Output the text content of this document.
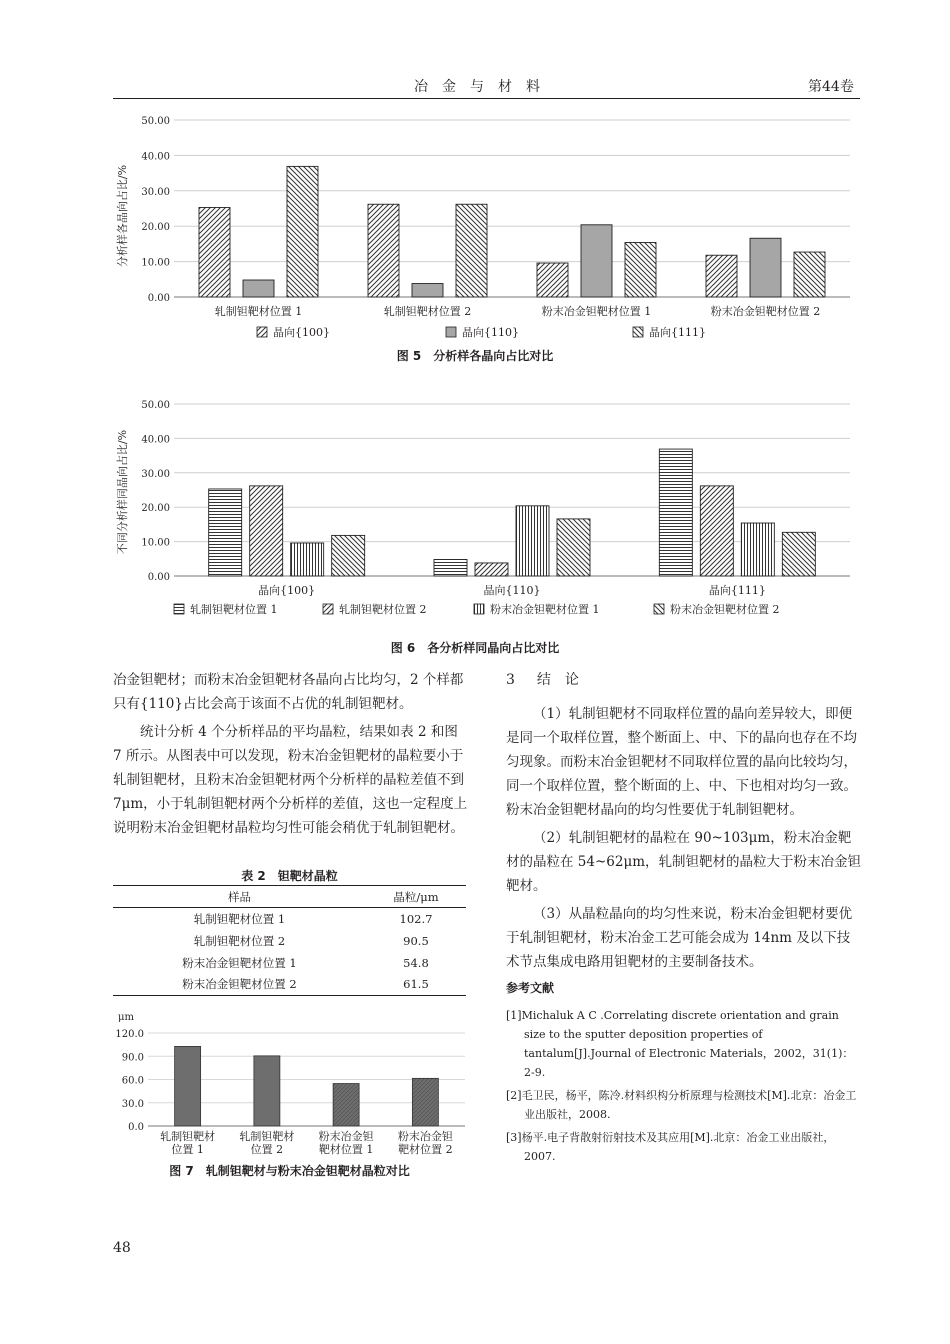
冶金与材料	第44卷
0.00
10.00
20.00
30.00
40.00
50.00
轧制钽靶材位置 1	轧制钽靶材位置 2	粉末冶金钽靶材位置 1	粉末冶金钽靶材位置 2
晶向{100}	晶向{110}	晶向{111}
分析样各晶向占比/%
图 5　分析样各晶向占比对比
0.00
10.00
20.00
30.00
40.00
50.00
晶向{100}	晶向{110}	晶向{111}
轧制钽靶材位置 1	轧制钽靶材位置 2	粉末冶金钽靶材位置 1	粉末冶金钽靶材位置 2
不同分析样同晶向占比/%
图 6　各分析样同晶向占比对比

冶金钽靶材；而粉末冶金钽靶材各晶向占比均匀，2 个样都只有{110}占比会高于该面不占优的轧制钽靶材。

统计分析 4 个分析样品的平均晶粒，结果如表 2 和图 7 所示。从图表中可以发现，粉末冶金钽靶材的晶粒要小于轧制钽靶材，且粉末冶金钽靶材两个分析样的晶粒差值不到 7μm，小于轧制钽靶材两个分析样的差值，这也一定程度上说明粉末冶金钽靶材晶粒均匀性可能会稍优于轧制钽靶材。

表 2　钽靶材晶粒
样品	晶粒/μm
轧制钽靶材位置 1	102.7
轧制钽靶材位置 2	90.5
粉末冶金钽靶材位置 1	54.8
粉末冶金钽靶材位置 2	61.5
μm
0.0
30.0
60.0
90.0
120.0
轧制钽靶材
位置 1
轧制钽靶材
位置 2
粉末冶金钽
靶材位置 1
粉末冶金钽
靶材位置 2
图 7　轧制钽靶材与粉末冶金钽靶材晶粒对比
3 结　论

（1）轧制钽靶材不同取样位置的晶向差异较大，即便是同一个取样位置，整个断面上、中、下的晶向也存在不均匀现象。而粉末冶金钽靶材不同取样位置的晶向比较均匀，同一个取样位置，整个断面的上、中、下也相对均匀一致。粉末冶金钽靶材晶向的均匀性要优于轧制钽靶材。

（2）轧制钽靶材的晶粒在 90~103μm，粉末冶金靶材的晶粒在 54~62μm，轧制钽靶材的晶粒大于粉末冶金钽靶材。

（3）从晶粒晶向的均匀性来说，粉末冶金钽靶材要优于轧制钽靶材，粉末冶金工艺可能会成为 14nm 及以下技术节点集成电路用钽靶材的主要制备技术。

参考文献
[1]Michaluk A C .Correlating discrete orientation and grain size to the sputter deposition properties of tantalum[J].Journal of Electronic Materials，2002，31(1)：2-9.
[2]毛卫民，杨平，陈冷.材料织构分析原理与检测技术[M].北京：冶金工业出版社，2008.
[3]杨平.电子背散射衍射技术及其应用[M].北京：冶金工业出版社，2007.
48
